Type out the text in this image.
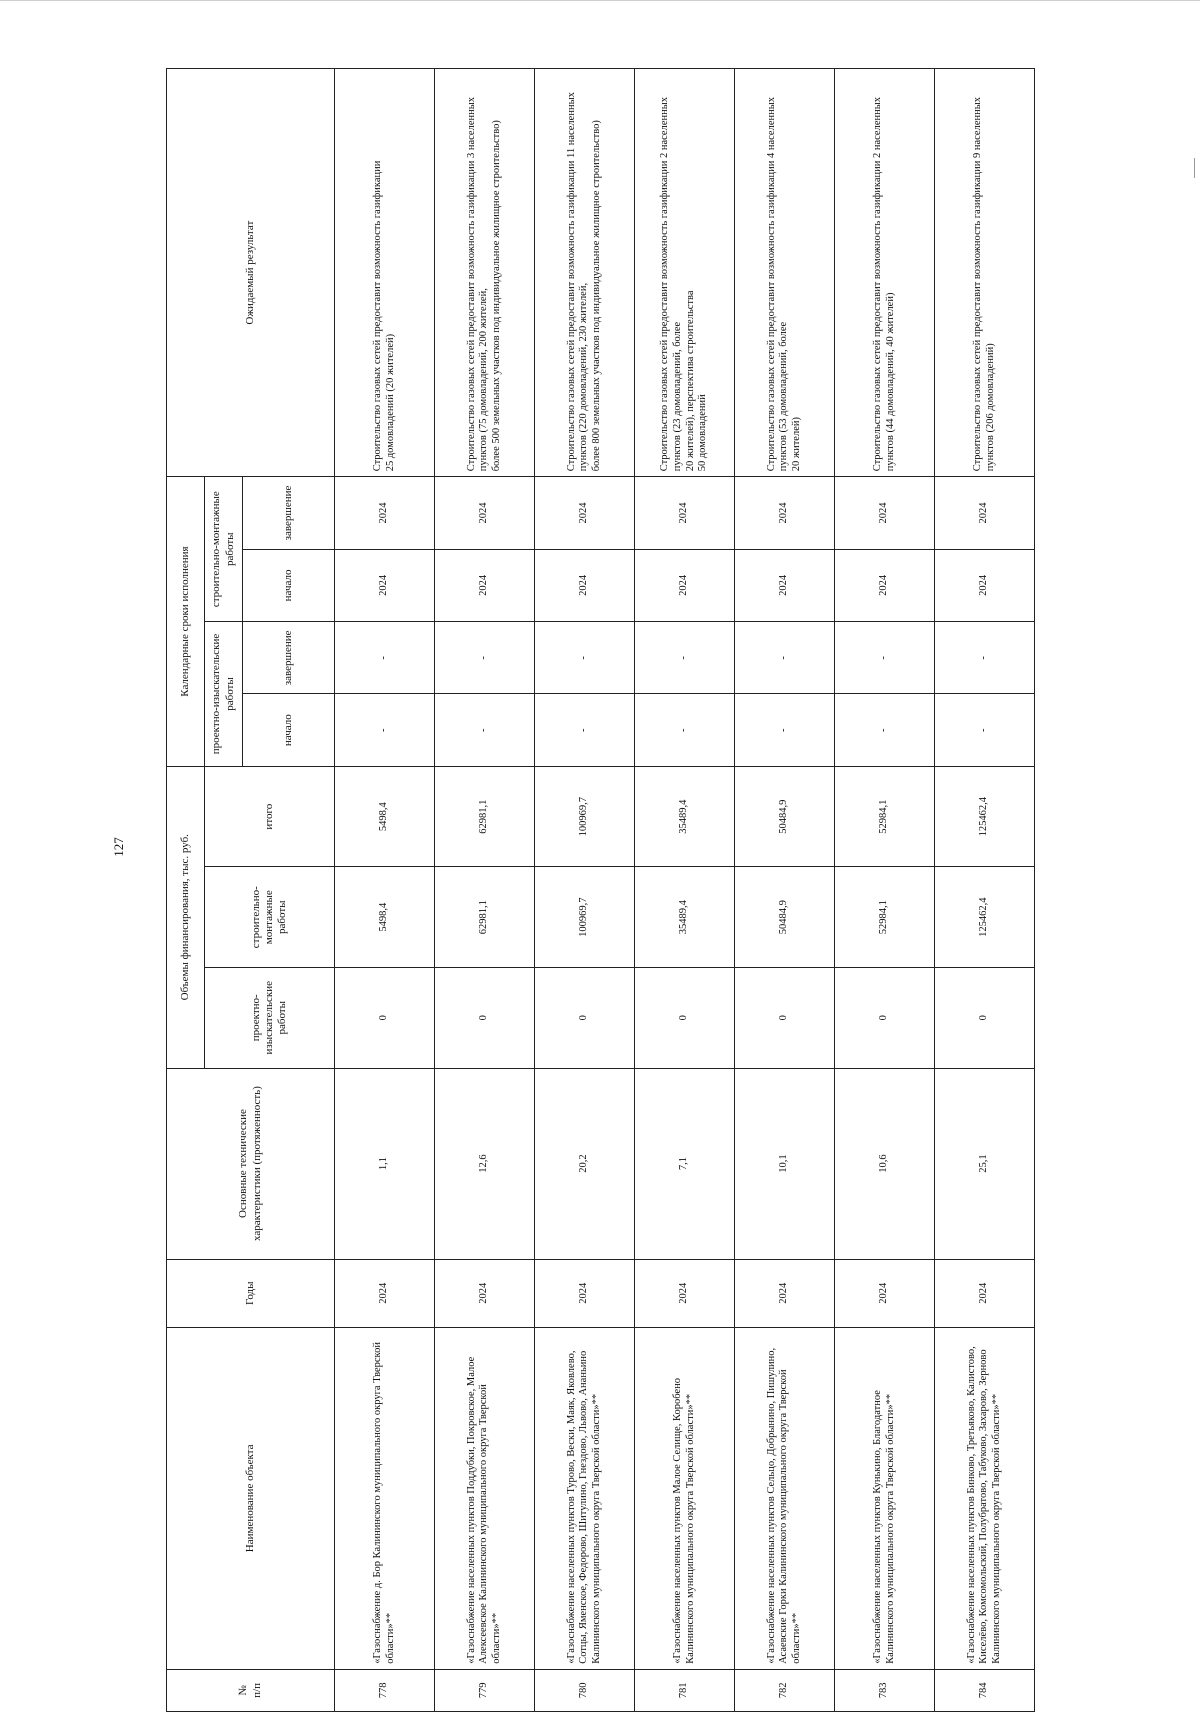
127
№
п/п	Наименование объекта	Годы	Основные технические характеристики (протяженность)	Объемы финансирования, тыс. руб.			Календарные сроки исполнения				Ожидаемый результат
				проектно-изыскательские работы	строительно-монтажные работы	итого	проектно-изыскательские работы		строительно-монтажные работы		
							начало	завершение	начало	завершение	
778	«Газоснабжение д. Бор Калининского муниципального округа Тверской области»**	2024	1,1	0	5498,4	5498,4	-	-	2024	2024	Строительство газовых сетей предоставит возможность газификации
25 домовладений (20 жителей)
779	«Газоснабжение населенных пунктов Поддубки, Покровское, Малое Алексеевское Калининского муниципального округа Тверской области»**	2024	12,6	0	62981,1	62981,1	-	-	2024	2024	Строительство газовых сетей предоставит возможность газификации 3 населенных пунктов (75 домовладений, 200 жителей,
более 500 земельных участков под индивидуальное жилищное строительство)
780	«Газоснабжение населенных пунктов Турово, Вески, Маяк, Яковлево, Сотцы, Яменское, Федорово, Шитулино, Гнездово, Львово, Ананьино Калининского муниципального округа Тверской области»**	2024	20,2	0	100969,7	100969,7	-	-	2024	2024	Строительство газовых сетей предоставит возможность газификации 11 населенных пунктов (220 домовладений, 230 жителей,
более 800 земельных участков под индивидуальное жилищное строительство)
781	«Газоснабжение населенных пунктов Малое Селище, Коробено Калининского муниципального округа Тверской области»**	2024	7,1	0	35489,4	35489,4	-	-	2024	2024	Строительство газовых сетей предоставит возможность газификации 2 населенных пунктов (23 домовладений, более
20 жителей), перспектива строительства
50 домовладений
782	«Газоснабжение населенных пунктов Сельцо, Добрынино, Пишулино, Асаевские Горки Калининского муниципального округа Тверской области»**	2024	10,1	0	50484,9	50484,9	-	-	2024	2024	Строительство газовых сетей предоставит возможность газификации 4 населенных пунктов (53 домовладений, более
20 жителей)
783	«Газоснабжение населенных пунктов Кунькино, Благодатное Калининского муниципального округа Тверской области»**	2024	10,6	0	52984,1	52984,1	-	-	2024	2024	Строительство газовых сетей предоставит возможность газификации 2 населенных пунктов (44 домовладений, 40 жителей)
784	«Газоснабжение населенных пунктов Бинково, Третьяково, Калистово, Киселёво, Комсомольский, Полубратово, Табуково, Захарово, Зерново Калининского муниципального округа Тверской области»**	2024	25,1	0	125462,4	125462,4	-	-	2024	2024	Строительство газовых сетей предоставит возможность газификации 9 населенных пунктов (206 домовладений)
